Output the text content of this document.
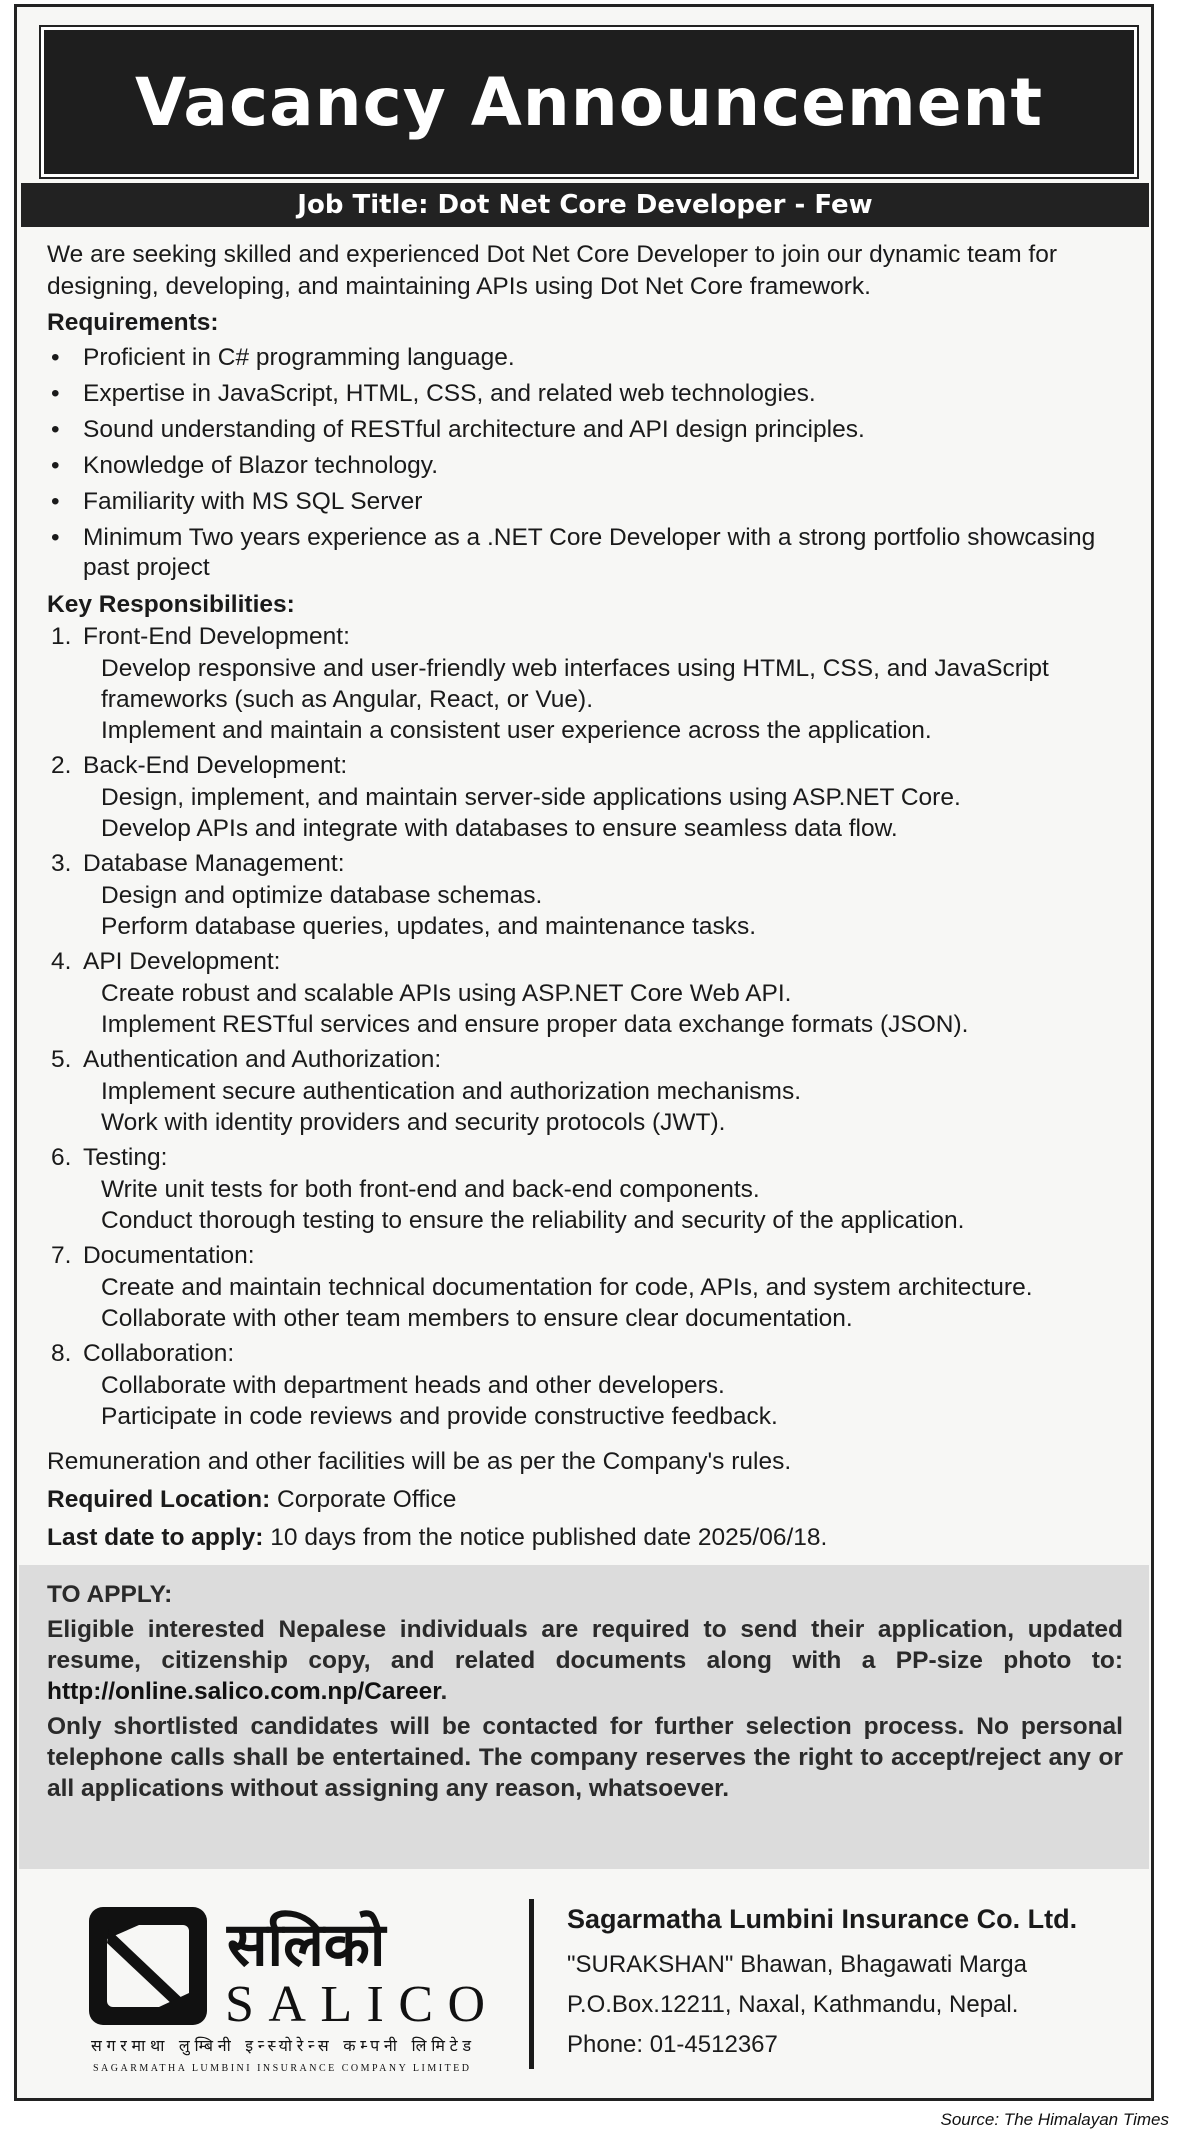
Vacancy Announcement
Job Title: Dot Net Core Developer - Few

We are seeking skilled and experienced Dot Net Core Developer to join our dynamic team for designing, developing, and maintaining APIs using Dot Net Core framework.

Requirements:

• Proficient in C# programming language.
• Expertise in JavaScript, HTML, CSS, and related web technologies.
• Sound understanding of RESTful architecture and API design principles.
• Knowledge of Blazor technology.
• Familiarity with MS SQL Server
• Minimum Two years experience as a .NET Core Developer with a strong portfolio showcasing past project

Key Responsibilities:

1. Front-End Development:
Develop responsive and user-friendly web interfaces using HTML, CSS, and JavaScript frameworks (such as Angular, React, or Vue).
Implement and maintain a consistent user experience across the application.
2. Back-End Development:
Design, implement, and maintain server-side applications using ASP.NET Core.
Develop APIs and integrate with databases to ensure seamless data flow.
3. Database Management:
Design and optimize database schemas.
Perform database queries, updates, and maintenance tasks.
4. API Development:
Create robust and scalable APIs using ASP.NET Core Web API.
Implement RESTful services and ensure proper data exchange formats (JSON).
5. Authentication and Authorization:
Implement secure authentication and authorization mechanisms.
Work with identity providers and security protocols (JWT).
6. Testing:
Write unit tests for both front-end and back-end components.
Conduct thorough testing to ensure the reliability and security of the application.
7. Documentation:
Create and maintain technical documentation for code, APIs, and system architecture.
Collaborate with other team members to ensure clear documentation.
8. Collaboration:
Collaborate with department heads and other developers.
Participate in code reviews and provide constructive feedback.

Remuneration and other facilities will be as per the Company's rules.

Required Location: Corporate Office

Last date to apply: 10 days from the notice published date 2025/06/18.

TO APPLY:

Eligible interested Nepalese individuals are required to send their application, updated resume, citizenship copy, and related documents along with a PP-size photo to: http://online.salico.com.np/Career.

Only shortlisted candidates will be contacted for further selection process. No personal telephone calls shall be entertained. The company reserves the right to accept/reject any or all applications without assigning any reason, whatsoever.

सलिको
SALICO
सगरमाथा लुम्बिनी इन्स्योरेन्स कम्पनी लिमिटेड
SAGARMATHA LUMBINI INSURANCE COMPANY LIMITED
Sagarmatha Lumbini Insurance Co. Ltd.
"SURAKSHAN" Bhawan, Bhagawati Marga
P.O.Box.12211, Naxal, Kathmandu, Nepal.
Phone: 01-4512367
Source: The Himalayan Times
